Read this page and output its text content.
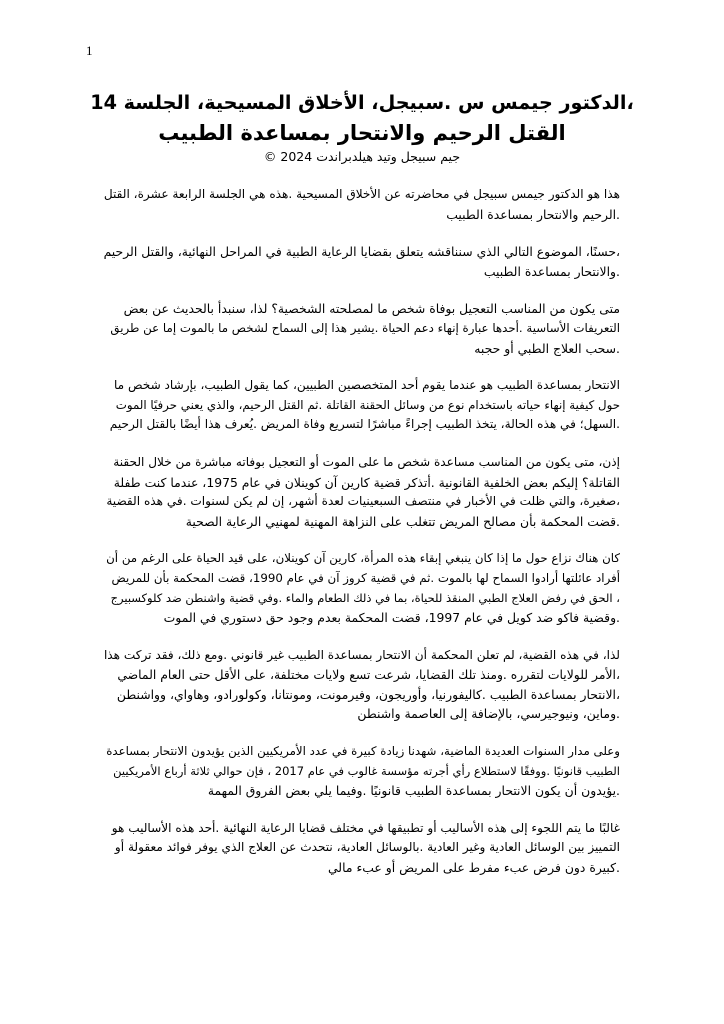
1
،الدكتور جيمس س .سبيجل، الأخلاق المسيحية، الجلسة 14
القتل الرحيم والانتحار بمساعدة الطبيب
جيم سبيجل وتيد هيلدبراندت 2024 ©

هذا هو الدكتور جيمس سبيجل في محاضرته عن الأخلاق المسيحية .هذه هي الجلسة الرابعة عشرة، القتل
.الرحيم والانتحار بمساعدة الطبيب

،حسنًا، الموضوع التالي الذي سنناقشه يتعلق بقضايا الرعاية الطبية في المراحل النهائية، والقتل الرحيم
.والانتحار بمساعدة الطبيب

متى يكون من المناسب التعجيل بوفاة شخص ما لمصلحته الشخصية؟ لذا، سنبدأ بالحديث عن بعض
التعريفات الأساسية .أحدها عبارة إنهاء دعم الحياة .يشير هذا إلى السماح لشخص ما بالموت إما عن طريق
.سحب العلاج الطبي أو حجبه

الانتحار بمساعدة الطبيب هو عندما يقوم أحد المتخصصين الطبيين، كما يقول الطبيب، بإرشاد شخص ما
حول كيفية إنهاء حياته باستخدام نوع من وسائل الحقنة القاتلة .ثم القتل الرحيم، والذي يعني حرفيًا الموت
.السهل؛ في هذه الحالة، يتخذ الطبيب إجراءً مباشرًا لتسريع وفاة المريض .يُعرف هذا أيضًا بالقتل الرحيم

إذن، متى يكون من المناسب مساعدة شخص ما على الموت أو التعجيل بوفاته مباشرة من خلال الحقنة
القاتلة؟ إليكم بعض الخلفية القانونية .أتذكر قضية كارين آن كوينلان في عام 1975، عندما كنت طفلة
،صغيرة، والتي ظلت في الأخبار في منتصف السبعينيات لعدة أشهر، إن لم يكن لسنوات .في هذه القضية
.قضت المحكمة بأن مصالح المريض تتغلب على النزاهة المهنية لمهنيي الرعاية الصحية

كان هناك نزاع حول ما إذا كان ينبغي إبقاء هذه المرأة، كارين آن كوينلان، على قيد الحياة على الرغم من أن
أفراد عائلتها أرادوا السماح لها بالموت .ثم في قضية كروز آن في عام 1990، قضت المحكمة بأن للمريض
، الحق في رفض العلاج الطبي المنقذ للحياة، بما في ذلك الطعام والماء .وفي قضية واشنطن ضد كلوكسبيرج
.وقضية فاكو ضد كويل في عام 1997، قضت المحكمة بعدم وجود حق دستوري في الموت

لذا، في هذه القضية، لم تعلن المحكمة أن الانتحار بمساعدة الطبيب غير قانوني .ومع ذلك، فقد تركت هذا
،الأمر للولايات لتقرره .ومنذ تلك القضايا، شرعت تسع ولايات مختلفة، على الأقل حتى العام الماضي
،الانتحار بمساعدة الطبيب .كاليفورنيا، وأوريجون، وفيرمونت، ومونتانا، وكولورادو، وهاواي، وواشنطن
.وماين، ونيوجيرسي، بالإضافة إلى العاصمة واشنطن

وعلى مدار السنوات العديدة الماضية، شهدنا زيادة كبيرة في عدد الأمريكيين الذين يؤيدون الانتحار بمساعدة
الطبيب قانونيًا .ووفقًا لاستطلاع رأي أجرته مؤسسة غالوب في عام 2017 ، فإن حوالي ثلاثة أرباع الأمريكيين
.يؤيدون أن يكون الانتحار بمساعدة الطبيب قانونيًا .وفيما يلي بعض الفروق المهمة

غالبًا ما يتم اللجوء إلى هذه الأساليب أو تطبيقها في مختلف قضايا الرعاية النهائية .أحد هذه الأساليب هو
التمييز بين الوسائل العادية وغير العادية .بالوسائل العادية، نتحدث عن العلاج الذي يوفر فوائد معقولة أو
.كبيرة دون فرض عبء مفرط على المريض أو عبء مالي
